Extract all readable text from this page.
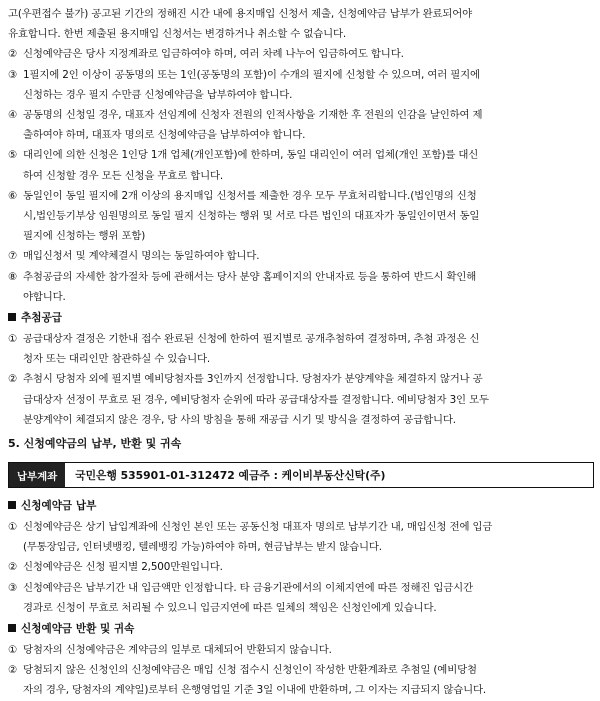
고(우편접수 불가) 공고된 기간의 정해진 시간 내에 용지매입 신청서 제출, 신청예약금 납부가 완료되어야
유효합니다. 한번 제출된 용지매입 신청서는 변경하거나 취소할 수 없습니다.
② 신청예약금은 당사 지정계좌로 입금하여야 하며, 여러 차례 나누어 입금하여도 합니다.
③ 1필지에 2인 이상이 공동명의 또는 1인(공동명의 포함)이 수개의 필지에 신청할 수 있으며, 여러 필지에
신청하는 경우 필지 수만큼 신청예약금을 납부하여야 합니다.
④ 공동명의 신청일 경우, 대표자 선임계에 신청자 전원의 인적사항을 기재한 후 전원의 인감을 날인하여 제
출하여야 하며, 대표자 명의로 신청예약금을 납부하여야 합니다.
⑤ 대리인에 의한 신청은 1인당 1개 업체(개인포함)에 한하며, 동일 대리인이 여러 업체(개인 포함)를 대신
하여 신청할 경우 모든 신청을 무효로 합니다.
⑥ 동일인이 동일 필지에 2개 이상의 용지매입 신청서를 제출한 경우 모두 무효처리합니다.(법인명의 신청
시,법인등기부상 임원명의로 동일 필지 신청하는 행위 및 서로 다른 법인의 대표자가 동일인이면서 동일
필지에 신청하는 행위 포함)
⑦ 매입신청서 및 계약체결시 명의는 동일하여야 합니다.
⑧ 추첨공급의 자세한 참가절차 등에 관해서는 당사 분양 홈페이지의 안내자료 등을 통하여 반드시 확인해
야합니다.
추첨공급
① 공급대상자 결정은 기한내 접수 완료된 신청에 한하여 필지별로 공개추첨하여 결정하며, 추첨 과정은 신
청자 또는 대리인만 참관하실 수 있습니다.
② 추첨시 당첨자 외에 필지별 예비당첨자를 3인까지 선정합니다. 당첨자가 분양계약을 체결하지 않거나 공
급대상자 선정이 무효로 된 경우, 예비당첨자 순위에 따라 공급대상자를 결정합니다. 예비당첨자 3인 모두
분양계약이 체결되지 않은 경우, 당 사의 방침을 통해 재공급 시기 및 방식을 결정하여 공급합니다.
5. 신청예약금의 납부, 반환 및 귀속
납부계좌	국민은행 535901-01-312472 예금주 : 케이비부동산신탁(주)
신청예약금 납부
① 신청예약금은 상기 납입계좌에 신청인 본인 또는 공동신청 대표자 명의로 납부기간 내, 매입신청 전에 입금
(무통장입금, 인터넷뱅킹, 텔레뱅킹 가능)하여야 하며, 현금납부는 받지 않습니다.
② 신청예약금은 신청 필지별 2,500만원입니다.
③ 신청예약금은 납부기간 내 입금액만 인정합니다. 타 금융기관에서의 이체지연에 따른 정해진 입금시간
경과로 신청이 무효로 처리될 수 있으니 입금지연에 따른 일체의 책임은 신청인에게 있습니다.
신청예약금 반환 및 귀속
① 당첨자의 신청예약금은 계약금의 일부로 대체되어 반환되지 않습니다.
② 당첨되지 않은 신청인의 신청예약금은 매입 신청 접수시 신청인이 작성한 반환계좌로 추첨일 (예비당첨
자의 경우, 당첨자의 계약일)로부터 은행영업일 기준 3일 이내에 반환하며, 그 이자는 지급되지 않습니다.
